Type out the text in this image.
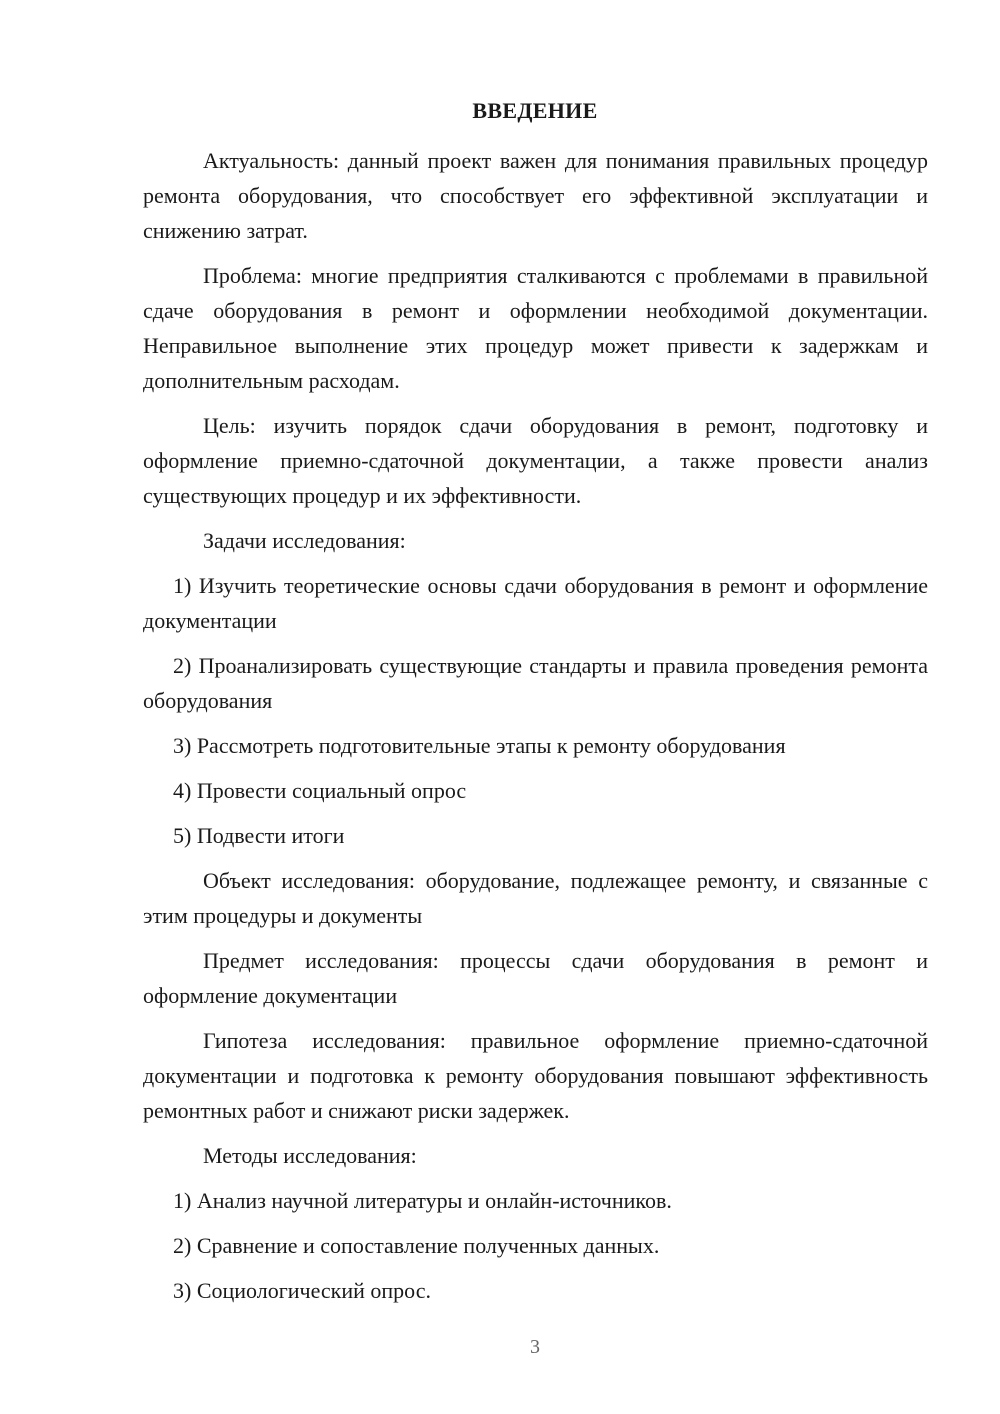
ВВЕДЕНИЕ

Актуальность: данный проект важен для понимания правильных процедур ремонта оборудования, что способствует его эффективной эксплуатации и снижению затрат.

Проблема: многие предприятия сталкиваются с проблемами в правильной сдаче оборудования в ремонт и оформлении необходимой документации. Неправильное выполнение этих процедур может привести к задержкам и дополнительным расходам.

Цель: изучить порядок сдачи оборудования в ремонт, подготовку и оформление приемно-сдаточной документации, а также провести анализ существующих процедур и их эффективности.

Задачи исследования:

1) Изучить теоретические основы сдачи оборудования в ремонт и оформление документации

2) Проанализировать существующие стандарты и правила проведения ремонта оборудования

3) Рассмотреть подготовительные этапы к ремонту оборудования

4) Провести социальный опрос

5) Подвести итоги

Объект исследования: оборудование, подлежащее ремонту, и связанные с этим процедуры и документы

Предмет исследования: процессы сдачи оборудования в ремонт и оформление документации

Гипотеза исследования: правильное оформление приемно-сдаточной документации и подготовка к ремонту оборудования повышают эффективность ремонтных работ и снижают риски задержек.

Методы исследования:

1) Анализ научной литературы и онлайн-источников.

2) Сравнение и сопоставление полученных данных.

3) Социологический опрос.

3
